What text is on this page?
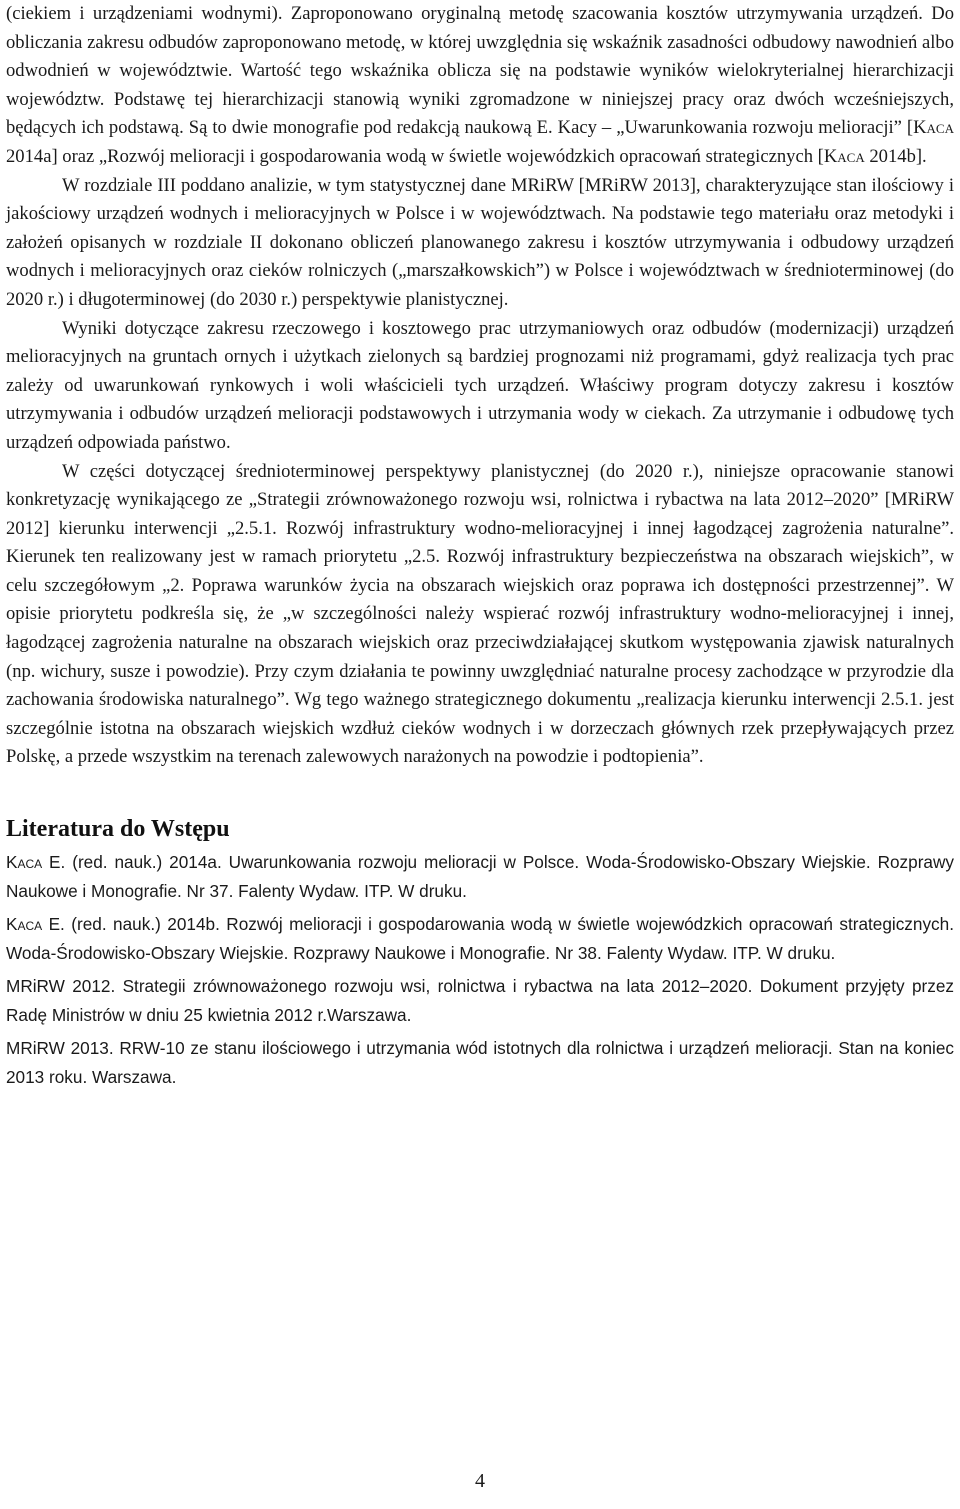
(ciekiem i urządzeniami wodnymi). Zaproponowano oryginalną metodę szacowania kosztów utrzymywania urządzeń. Do obliczania zakresu odbudów zaproponowano metodę, w której uwzględnia się wskaźnik zasadności odbudowy nawodnień albo odwodnień w województwie. Wartość tego wskaźnika oblicza się na podstawie wyników wielokryterialnej hierarchizacji województw. Podstawę tej hierarchizacji stanowią wyniki zgromadzone w niniejszej pracy oraz dwóch wcześniejszych, będących ich podstawą. Są to dwie monografie pod redakcją naukową E. Kacy – „Uwarunkowania rozwoju melioracji” [Kaca 2014a] oraz „Rozwój melioracji i gospodarowania wodą w świetle wojewódzkich opracowań strategicznych [Kaca 2014b].

W rozdziale III poddano analizie, w tym statystycznej dane MRiRW [MRiRW 2013], charakteryzujące stan ilościowy i jakościowy urządzeń wodnych i melioracyjnych w Polsce i w województwach. Na podstawie tego materiału oraz metodyki i założeń opisanych w rozdziale II dokonano obliczeń planowanego zakresu i kosztów utrzymywania i odbudowy urządzeń wodnych i melioracyjnych oraz cieków rolniczych („marszałkowskich”) w Polsce i województwach w średnioterminowej (do 2020 r.) i długoterminowej (do 2030 r.) perspektywie planistycznej.

Wyniki dotyczące zakresu rzeczowego i kosztowego prac utrzymaniowych oraz odbudów (modernizacji) urządzeń melioracyjnych na gruntach ornych i użytkach zielonych są bardziej prognozami niż programami, gdyż realizacja tych prac zależy od uwarunkowań rynkowych i woli właścicieli tych urządzeń. Właściwy program dotyczy zakresu i kosztów utrzymywania i odbudów urządzeń melioracji podstawowych i utrzymania wody w ciekach. Za utrzymanie i odbudowę tych urządzeń odpowiada państwo.

W części dotyczącej średnioterminowej perspektywy planistycznej (do 2020 r.), niniejsze opracowanie stanowi konkretyzację wynikającego ze „Strategii zrównoważonego rozwoju wsi, rolnictwa i rybactwa na lata 2012–2020” [MRiRW 2012] kierunku interwencji „2.5.1. Rozwój infrastruktury wodno-melioracyjnej i innej łagodzącej zagrożenia naturalne”. Kierunek ten realizowany jest w ramach priorytetu „2.5. Rozwój infrastruktury bezpieczeństwa na obszarach wiejskich”, w celu szczegółowym „2. Poprawa warunków życia na obszarach wiejskich oraz poprawa ich dostępności przestrzennej”. W opisie priorytetu podkreśla się, że „w szczególności należy wspierać rozwój infrastruktury wodno-melioracyjnej i innej, łagodzącej zagrożenia naturalne na obszarach wiejskich oraz przeciwdziałającej skutkom występowania zjawisk naturalnych (np. wichury, susze i powodzie). Przy czym działania te powinny uwzględniać naturalne procesy zachodzące w przyrodzie dla zachowania środowiska naturalnego”. Wg tego ważnego strategicznego dokumentu „realizacja kierunku interwencji 2.5.1. jest szczególnie istotna na obszarach wiejskich wzdłuż cieków wodnych i w dorzeczach głównych rzek przepływających przez Polskę, a przede wszystkim na terenach zalewowych narażonych na powodzie i podtopienia”.

Literatura do Wstępu

Kaca E. (red. nauk.) 2014a. Uwarunkowania rozwoju melioracji w Polsce. Woda-Środowisko-Obszary Wiejskie. Rozprawy Naukowe i Monografie. Nr 37. Falenty Wydaw. ITP. W druku.

Kaca E. (red. nauk.) 2014b. Rozwój melioracji i gospodarowania wodą w świetle wojewódzkich opracowań strategicznych. Woda-Środowisko-Obszary Wiejskie. Rozprawy Naukowe i Monografie. Nr 38. Falenty Wydaw. ITP. W druku.

MRiRW 2012. Strategii zrównoważonego rozwoju wsi, rolnictwa i rybactwa na lata 2012–2020. Dokument przyjęty przez Radę Ministrów w dniu 25 kwietnia 2012 r.Warszawa.

MRiRW 2013. RRW-10 ze stanu ilościowego i utrzymania wód istotnych dla rolnictwa i urządzeń melioracji. Stan na koniec 2013 roku. Warszawa.

4
